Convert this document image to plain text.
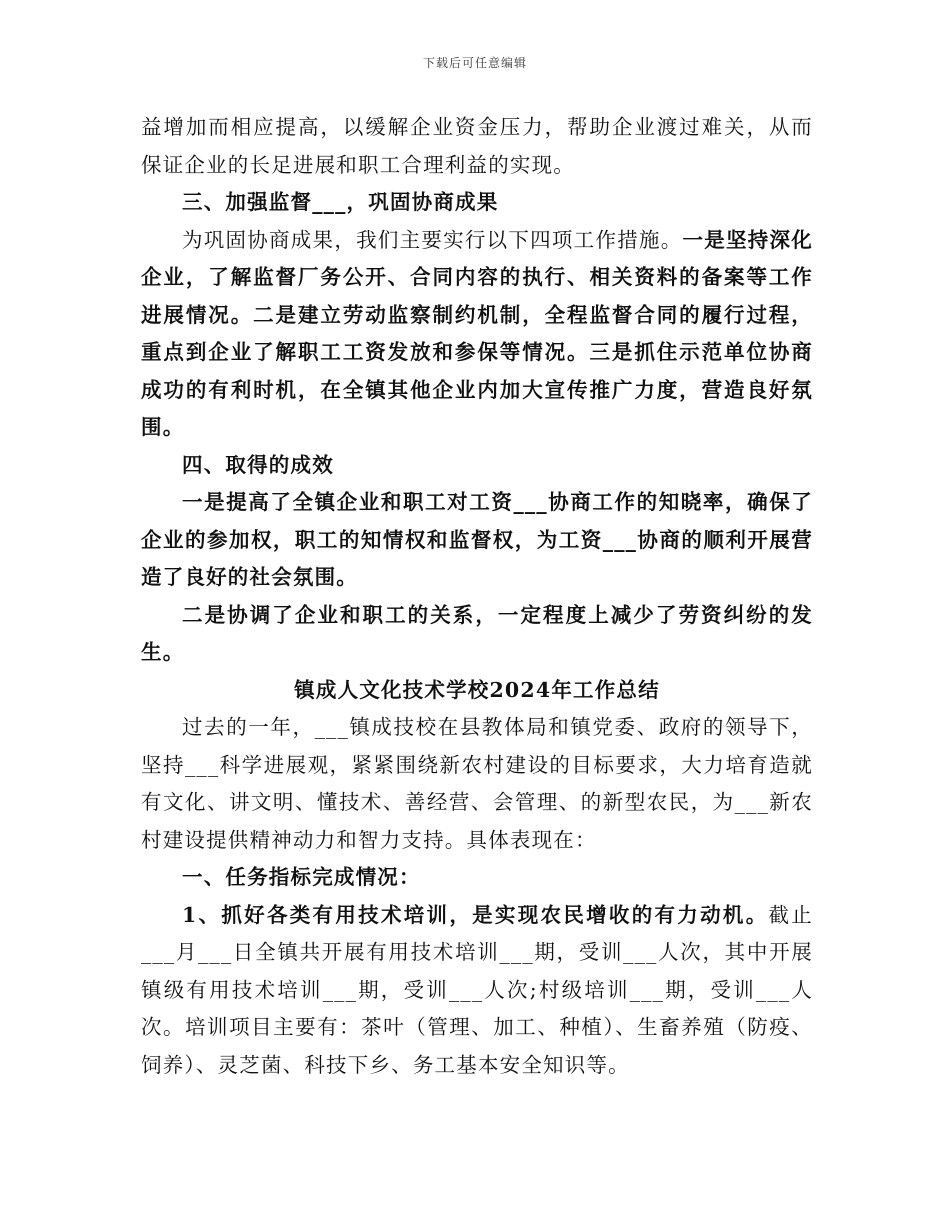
下载后可任意编辑

益增加而相应提高，以缓解企业资金压力，帮助企业渡过难关，从而保证企业的长足进展和职工合理利益的实现。

三、加强监督___，巩固协商成果

为巩固协商成果，我们主要实行以下四项工作措施。一是坚持深化企业，了解监督厂务公开、合同内容的执行、相关资料的备案等工作进展情况。二是建立劳动监察制约机制，全程监督合同的履行过程，重点到企业了解职工工资发放和参保等情况。三是抓住示范单位协商成功的有利时机，在全镇其他企业内加大宣传推广力度，营造良好氛围。

四、取得的成效

一是提高了全镇企业和职工对工资___协商工作的知晓率，确保了企业的参加权，职工的知情权和监督权，为工资___协商的顺利开展营造了良好的社会氛围。

二是协调了企业和职工的关系，一定程度上减少了劳资纠纷的发生。

镇成人文化技术学校2024年工作总结

过去的一年，___镇成技校在县教体局和镇党委、政府的领导下，坚持___科学进展观，紧紧围绕新农村建设的目标要求，大力培育造就有文化、讲文明、懂技术、善经营、会管理、的新型农民，为___新农村建设提供精神动力和智力支持。具体表现在：

一、任务指标完成情况：

1、抓好各类有用技术培训，是实现农民增收的有力动机。截止___月___日全镇共开展有用技术培训___期，受训___人次，其中开展镇级有用技术培训___期，受训___人次;村级培训___期，受训___人次。培训项目主要有：茶叶（管理、加工、种植）、生畜养殖（防疫、饲养）、灵芝菌、科技下乡、务工基本安全知识等。
